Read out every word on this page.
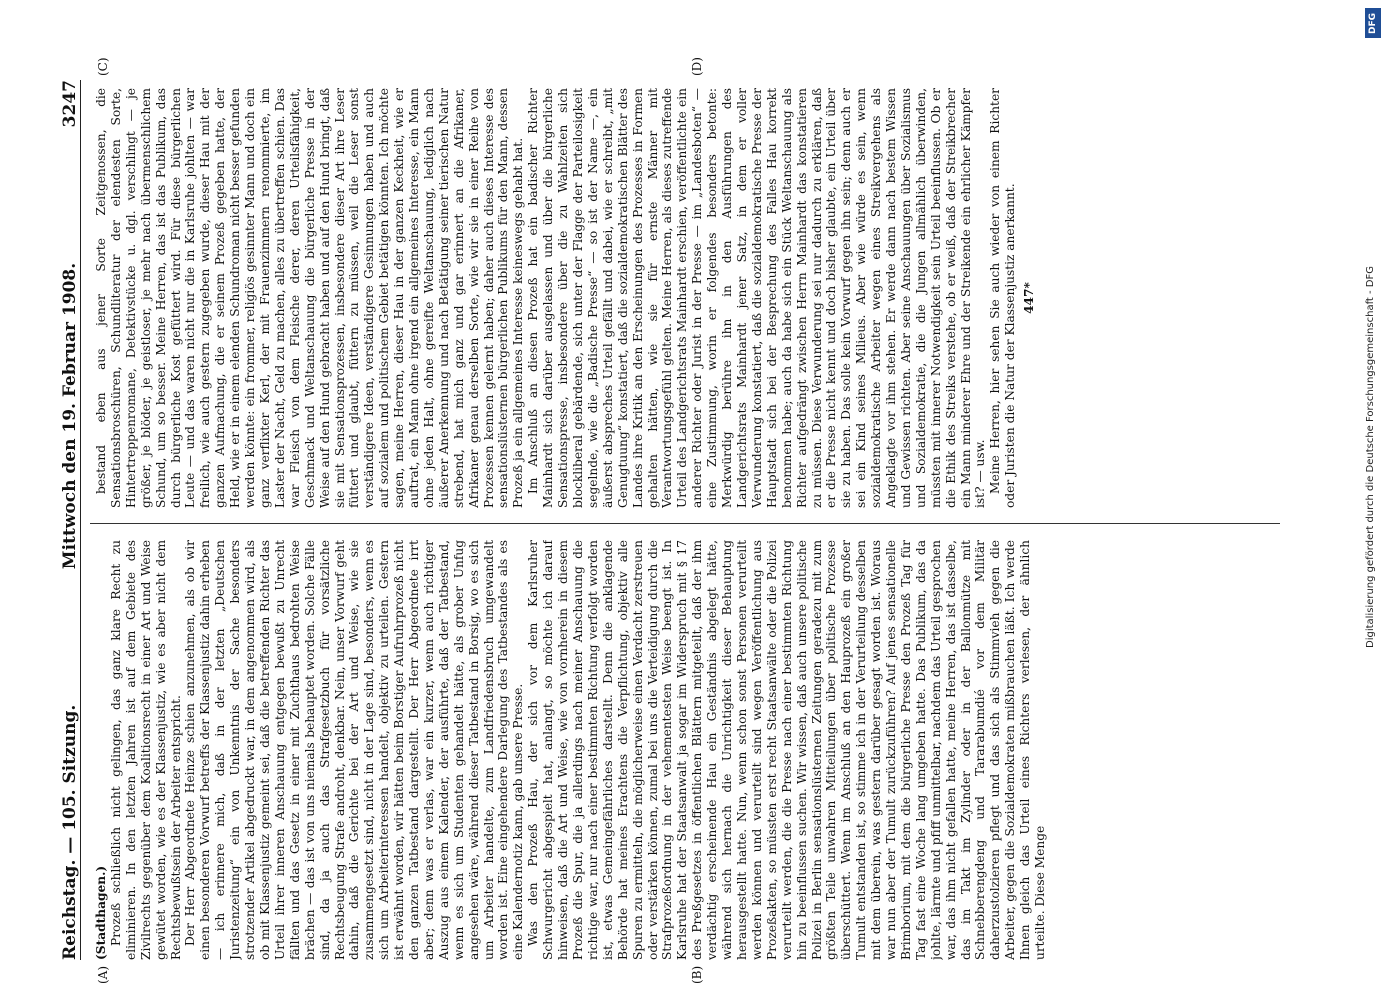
DFG
Digitalisierung gefördert durch die Deutsche Forschungsgemeinschaft - DFG
Reichstag. — 105. Sitzung.
Mittwoch den 19. Februar 1908.
3247
(Stadthagen.) Prozeß schließlich nicht gelingen, das ganz klare Recht zu eliminieren. In den letzten Jahren ist auf dem Gebiete des Zivilrechts gegenüber dem Koalitionsrecht in einer Art und Weise gewütet worden, wie es der Klassenjustiz, wie es aber nicht dem Rechtsbewußtsein der Arbeiter entspricht. Der Herr Abgeordnete Heinze schien anzunehmen, als ob wir einen besonderen Vorwurf betreffs der Klassenjustiz dahin erheben — ich erinnere mich, daß in der letzten „Deutschen Juristenzeitung“ ein von Unkenntnis der Sache besonders strotzender Artikel abgedruckt war, in dem angenommen wird, als ob mit Klassenjustiz gemeint sei, daß die betreffenden Richter das Urteil ihrer inneren Anschauung entgegen bewußt zu Unrecht fällten und das Gesetz in einer mit Zuchthaus bedrohten Weise brächen — das ist von uns niemals behauptet worden. Solche Fälle sind, da ja auch das Strafgesetzbuch für vorsätzliche Rechtsbeugung Strafe androht, denkbar. Nein, unser Vorwurf geht dahin, daß die Gerichte bei der Art und Weise, wie sie zusammengesetzt sind, nicht in der Lage sind, besonders, wenn es sich um Arbeiterinteressen handelt, objektiv zu urteilen. Gestern ist erwähnt worden, wir hätten beim Borstiger Aufruhrprozeß nicht den ganzen Tatbestand dargestellt. Der Herr Abgeordnete irrt aber; denn was er verlas, war ein kurzer, wenn auch richtiger Auszug aus einem Kalender, der ausführte, daß der Tatbestand, wenn es sich um Studenten gehandelt hätte, als grober Unfug angesehen wäre, während dieser Tatbestand in Borsig, wo es sich um Arbeiter handelte, zum Landfriedensbruch umgewandelt worden ist. Eine eingehendere Darlegung des Tatbestandes als es eine Kalendernotiz kann, gab unsere Presse. Was den Prozeß Hau, der sich vor dem Karlsruher Schwurgericht abgespielt hat, anlangt, so möchte ich darauf hinweisen, daß die Art und Weise, wie von vornherein in diesem Prozeß die Spur, die ja allerdings nach meiner Anschauung die richtige war, nur nach einer bestimmten Richtung verfolgt worden ist, etwas Gemeingefährliches darstellt. Denn die anklagende Behörde hat meines Erachtens die Verpflichtung, objektiv alle Spuren zu ermitteln, die möglicherweise einen Verdacht zerstreuen oder verstärken können, zumal bei uns die Verteidigung durch die Strafprozeßordnung in der vehementesten Weise beengt ist. In Karlsruhe hat der Staatsanwalt ja sogar im Widerspruch mit § 17 des Preßgesetzes in öffentlichen Blättern mitgeteilt, daß der ihm verdächtig erscheinende Hau ein Geständnis abgelegt hätte, während sich hernach die Unrichtigkeit dieser Behauptung herausgestellt hatte. Nun, wenn schon sonst Personen verurteilt werden können und verurteilt sind wegen Veröffentlichung aus Prozeßakten, so müssten erst recht Staatsanwälte oder die Polizei verurteilt werden, die die Presse nach einer bestimmten Richtung hin zu beeinflussen suchen. Wir wissen, daß auch unsere politische Polizei in Berlin sensationslüsternen Zeitungen geradezu mit zum größten Teile unwahren Mitteilungen über politische Prozesse überschüttert. Wenn im Anschluß an den Hauprozeß ein großer Tumult entstanden ist, so stimme ich in der Verurteilung desselben mit dem überein, was gestern darüber gesagt worden ist. Woraus war nun aber der Tumult zurückzuführen? Auf jenes sensationelle Brimborium, mit dem die bürgerliche Presse den Prozeß Tag für Tag fast eine Woche lang umgeben hatte. Das Publikum, das da johlte, lärmte und pfiff unmittelbar, nachdem das Urteil gesprochen war, das ihm nicht gefallen hatte, meine Herren, das ist dasselbe, das im Takt im Zylinder oder in der Ballonmütze mit Schnebberengdeng und Tararabumdié vor dem Militär daherzustolzieren pflegt und das sich als Stimmvieh gegen die Arbeiter, gegen die Sozialdemokraten mißbrauchen läßt. Ich werde Ihnen gleich das Urteil eines Richters verlesen, der ähnlich urteilte. Diese Menge

bestand eben aus jener Sorte Zeitgenossen, die Sensationsbroschüren, Schundliteratur der elendesten Sorte, Hintertreppenromane, Detektivstücke u. dgl. verschlingt — je größer, je blöder, je geistloser, je mehr nach übermenschlichem Schund, um so besser. Meine Herren, das ist das Publikum, das durch bürgerliche Kost gefüttert wird. Für diese bürgerlichen Leute — und das waren nicht nur die in Karlsruhe johlten — war freilich, wie auch gestern zugegeben wurde, dieser Hau mit der ganzen Aufmachung, die er seinem Prozeß gegeben hatte, der Held, wie er in einem elenden Schundroman nicht besser gefunden werden könnte: ein frommer, religiös gesinnter Mann und doch ein ganz verflixter Kerl, der mit Frauenzimmern renommierte, im Laster der Nacht, Geld zu machen, alles zu übertreffen schien. Das war Fleisch von dem Fleische derer, deren Urteilsfähigkeit, Geschmack und Weltanschauung die bürgerliche Presse in der Weise auf den Hund gebracht haben und auf den Hund bringt, daß sie mit Sensationsprozessen, insbesondere dieser Art ihre Leser füttert und glaubt, füttern zu müssen, weil die Leser sonst verständigere Ideen, verständigere Gesinnungen haben und auch auf sozialem und politischem Gebiet betätigen könnten. Ich möchte sagen, meine Herren, dieser Hau in der ganzen Keckheit, wie er auftrat, ein Mann ohne irgend ein allgemeines Interesse, ein Mann ohne jeden Halt, ohne gereifte Weltanschauung, lediglich nach äußerer Anerkennung und nach Betätigung seiner tierischen Natur strebend, hat mich ganz und gar erinnert an die Afrikaner, Afrikaner genau derselben Sorte, wie wir sie in einer Reihe von Prozessen kennen gelernt haben; daher auch dieses Interesse des sensationslüsternen bürgerlichen Publikums für den Mann, dessen Prozeß ja ein allgemeines Interesse keineswegs gehabt hat. Im Anschluß an diesen Prozeß hat ein badischer Richter Mainhardt sich darüber ausgelassen und über die bürgerliche Sensationspresse, insbesondere über die zu Wahlzeiten sich blockliberal gebärdende, sich unter der Flagge der Parteilosigkeit segelnde, wie die „Badische Presse“ — so ist der Name —, ein äußerst abspreches Urteil gefällt und dabei, wie er schreibt, „mit Genugtuung“ konstatiert, daß die sozialdemokratischen Blätter des Landes ihre Kritik an den Erscheinungen des Prozesses in Formen gehalten hätten, wie sie für ernste Männer mit Verantwortungsgefühl gelten. Meine Herren, als dieses zutreffende Urteil des Landgerichtsrats Mainhardt erschien, veröffentlichte ein anderer Richter oder Jurist in der Presse — im „Landesboten“ — eine Zustimmung, worin er folgendes besonders betonte: Merkwürdig berühre ihn in den Ausführungen des Landgerichtsrats Mainhardt jener Satz, in dem er voller Verwunderung konstatiert, daß die sozialdemokratische Presse der Hauptstadt sich bei der Besprechung des Falles Hau korrekt benommen habe; auch da habe sich ein Stück Weltanschauung als Richter aufgedrängt zwischen Herrn Mainhardt das konstatieren zu müssen. Diese Verwunderung sei nur dadurch zu erklären, daß er die Presse nicht kennt und doch bisher glaubte, ein Urteil über sie zu haben. Das solle kein Vorwurf gegen ihn sein; denn auch er sei ein Kind seines Milieus. Aber wie würde es sein, wenn sozialdemokratische Arbeiter wegen eines Streikvergehens als Angeklagte vor ihm stehen. Er werde dann nach bestem Wissen und Gewissen richten. Aber seine Anschauungen über Sozialismus und Sozialdemokratie, die die Jungen allmählich überwinden, müssten mit innerer Notwendigkeit sein Urteil beeinflussen. Ob er die Ethik des Streiks verstehe, ob er weiß, daß der Streikbrecher ein Mann minderer Ehre und der Streikende ein ehrlicher Kämpfer ist? — usw. Meine Herren, hier sehen Sie auch wieder von einem Richter oder Juristen die Natur der Klassenjustiz anerkannt. 447*
(A)	(B)
(C)	(D)
